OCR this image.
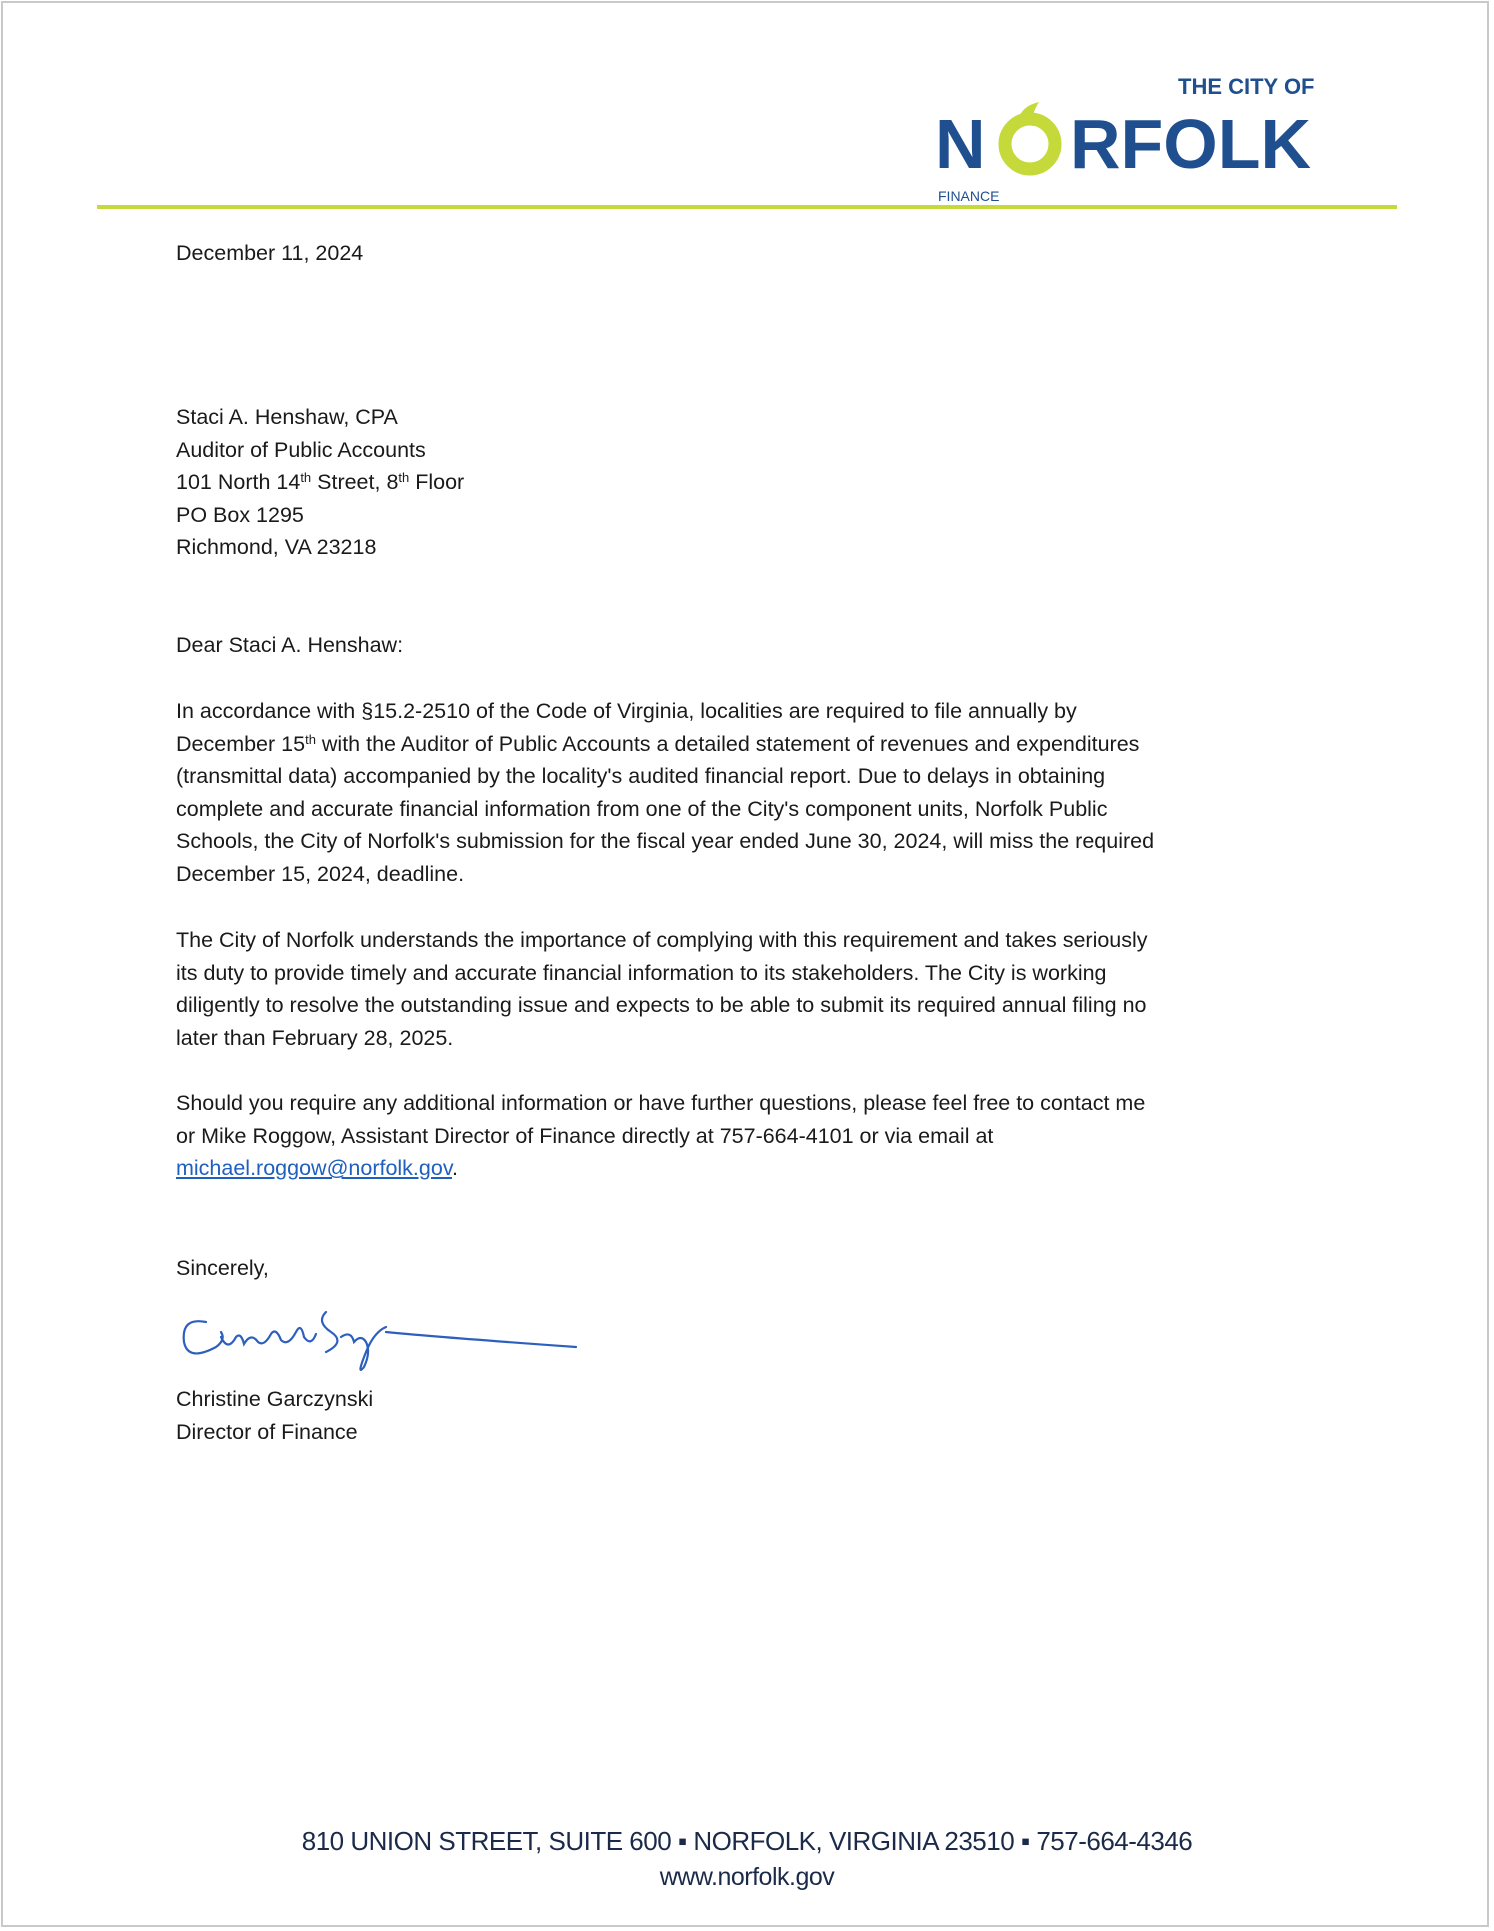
THE CITY OF
N RFOLK
FINANCE
December 11, 2024
Staci A. Henshaw, CPA
Auditor of Public Accounts
101 North 14th Street, 8th Floor
PO Box 1295
Richmond, VA 23218
Dear Staci A. Henshaw:
In accordance with §15.2-2510 of the Code of Virginia, localities are required to file annually by
December 15th with the Auditor of Public Accounts a detailed statement of revenues and expenditures
(transmittal data) accompanied by the locality's audited financial report. Due to delays in obtaining
complete and accurate financial information from one of the City's component units, Norfolk Public
Schools, the City of Norfolk's submission for the fiscal year ended June 30, 2024, will miss the required
December 15, 2024, deadline.
The City of Norfolk understands the importance of complying with this requirement and takes seriously
its duty to provide timely and accurate financial information to its stakeholders. The City is working
diligently to resolve the outstanding issue and expects to be able to submit its required annual filing no
later than February 28, 2025.
Should you require any additional information or have further questions, please feel free to contact me
or Mike Roggow, Assistant Director of Finance directly at 757-664-4101 or via email at
michael.roggow@norfolk.gov.
Sincerely,
Christine Garczynski
Director of Finance
810 UNION STREET, SUITE 600 ▪ NORFOLK, VIRGINIA 23510 ▪ 757-664-4346
www.norfolk.gov
